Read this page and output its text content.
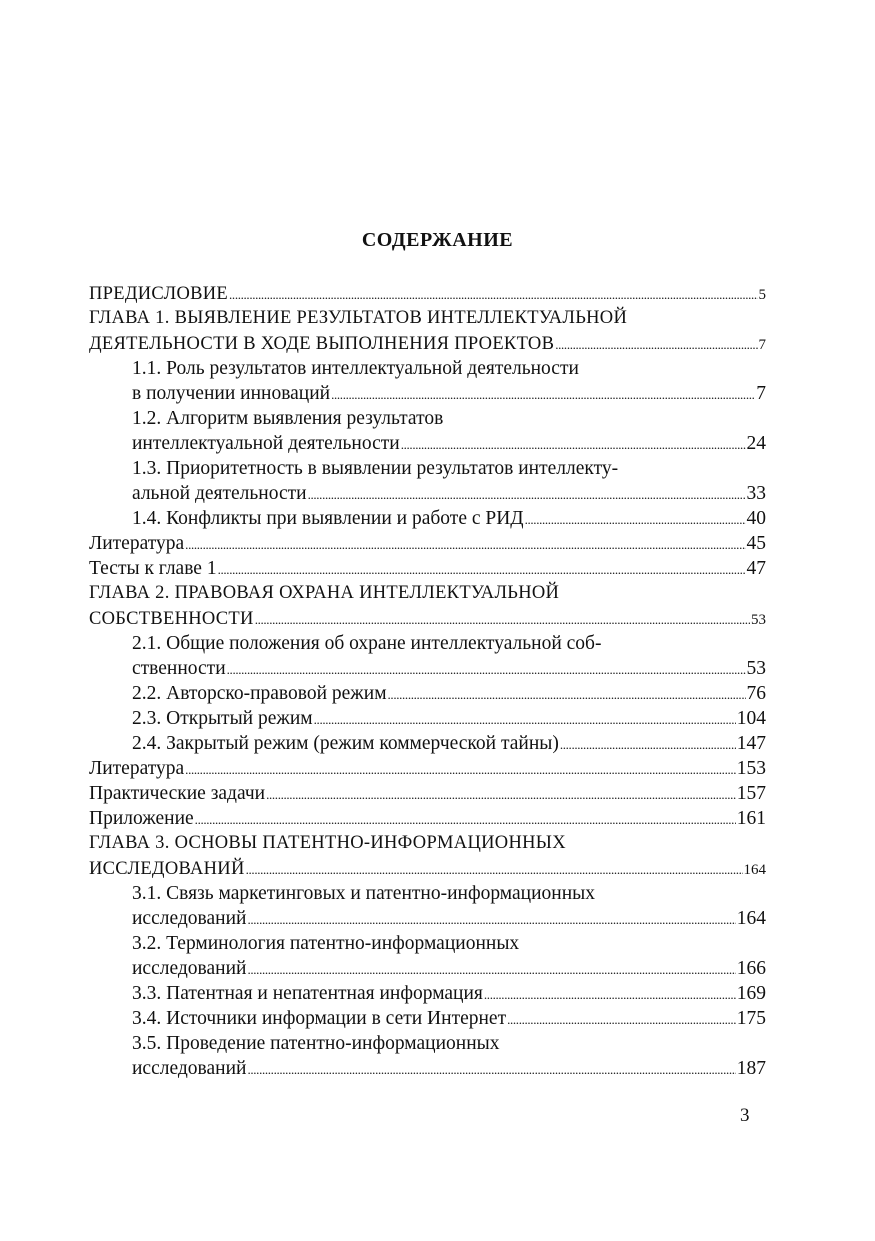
СОДЕРЖАНИЕ
ПРЕДИСЛОВИЕ . . .	5
ГЛАВА 1. ВЫЯВЛЕНИЕ РЕЗУЛЬТАТОВ ИНТЕЛЛЕКТУАЛЬНОЙ
ДЕЯТЕЛЬНОСТИ В ХОДЕ ВЫПОЛНЕНИЯ ПРОЕКТОВ . . .	7
1.1. Роль результатов интеллектуальной деятельности
в получении инноваций . . .	7
1.2. Алгоритм выявления результатов
интеллектуальной деятельности . . .	24
1.3. Приоритетность в выявлении результатов интеллекту-
альной деятельности . . .	33
1.4. Конфликты при выявлении и работе с РИД . . .	40
Литература . . .	45
Тесты к главе 1 . . .	47
ГЛАВА 2. ПРАВОВАЯ ОХРАНА ИНТЕЛЛЕКТУАЛЬНОЙ
СОБСТВЕННОСТИ . . .	53
2.1. Общие положения об охране интеллектуальной соб-
ственности . . .	53
2.2. Авторско-правовой режим . . .	76
2.3. Открытый режим . . .	104
2.4. Закрытый режим (режим коммерческой тайны) . . .	147
Литература . . .	153
Практические задачи . . .	157
Приложение . . .	161
ГЛАВА 3. ОСНОВЫ ПАТЕНТНО-ИНФОРМАЦИОННЫХ
ИССЛЕДОВАНИЙ . . .	164
3.1. Связь маркетинговых и патентно-информационных
исследований . . .	164
3.2. Терминология патентно-информационных
исследований . . .	166
3.3. Патентная и непатентная информация . . .	169
3.4. Источники информации в сети Интернет . . .	175
3.5. Проведение патентно-информационных
исследований . . .	187
3
